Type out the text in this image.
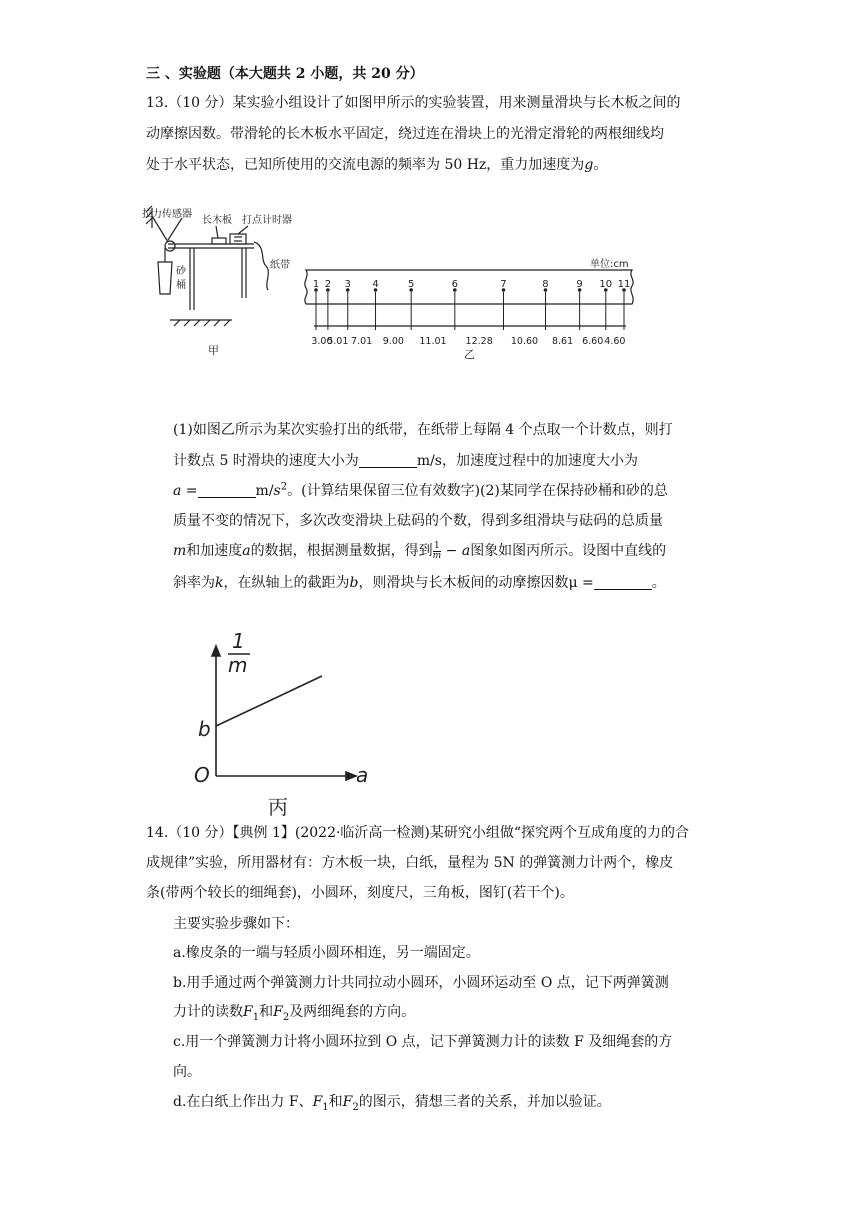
三 、实验题（本大题共 2 小题，共 20 分）
13.（10 分）某实验小组设计了如图甲所示的实验装置，用来测量滑块与长木板之间的
动摩擦因数。带滑轮的长木板水平固定，绕过连在滑块上的光滑定滑轮的两根细线均
处于水平状态，已知所使用的交流电源的频率为 50 Hz，重力加速度为g。
拉力传感器
长木板 打点计时器
砂
桶
纸带
甲
1 2 3 4	5	6	7	8	9 10 11
3.00
5.01 7.01 9.00 11.01 12.28 10.60 8.61 6.60 4.60
单位:cm
乙
(1)如图乙所示为某次实验打出的纸带，在纸带上每隔 4 个点取一个计数点，则打
计数点 5 时滑块的速度大小为	m/s，加速度过程中的加速度大小为
a =	$m/s^2$。(计算结果保留三位有效数字)(2)某同学在保持砂桶和砂的总
质量不变的情况下，多次改变滑块上砝码的个数，得到多组滑块与砝码的总质量
m和加速度a的数据，根据测量数据，得到 $\frac{1}{m} - a$图象如图丙所示。设图中直线的
斜率为k，在纵轴上的截距为b，则滑块与长木板间的动摩擦因数μ =	。
1
m
b
O	a
丙
14.（10 分）【典例 1】(2022·临沂高一检测)某研究小组做“探究两个互成角度的力的合
成规律”实验，所用器材有：方木板一块，白纸，量程为 5N 的弹簧测力计两个，橡皮
条(带两个较长的细绳套)，小圆环，刻度尺，三角板，图钉(若干个)。
主要实验步骤如下：
a.橡皮条的一端与轻质小圆环相连，另一端固定。
b.用手通过两个弹簧测力计共同拉动小圆环，小圆环运动至 O 点，记下两弹簧测
力计的读数$F_1$和$F_2$及两细绳套的方向。
c.用一个弹簧测力计将小圆环拉到 O 点，记下弹簧测力计的读数 F 及细绳套的方
向。
d.在白纸上作出力 F、$F_1$和$F_2$的图示，猜想三者的关系，并加以验证。
